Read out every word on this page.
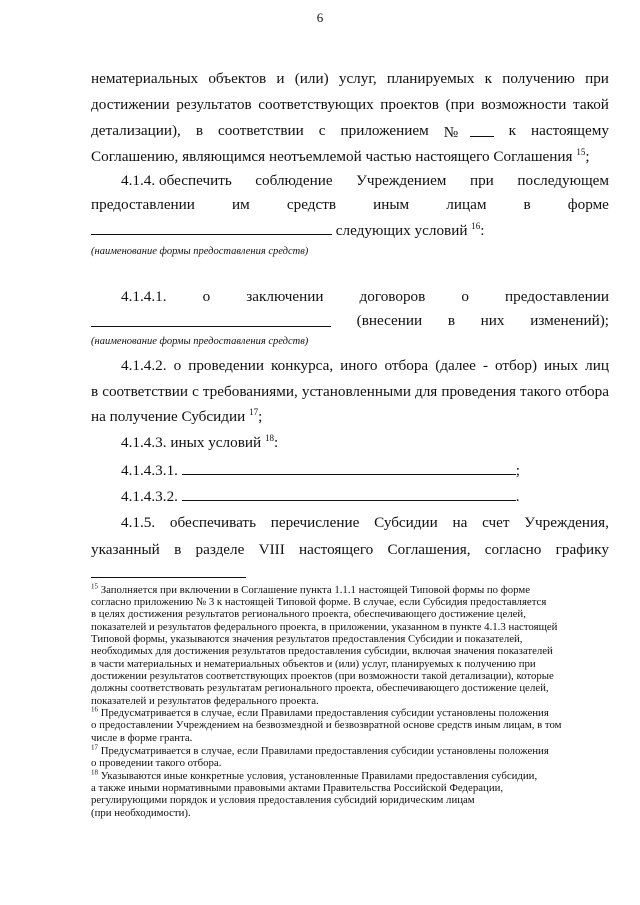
6
нематериальных объектов и (или) услуг, планируемых к получению при
достижении результатов соответствующих проектов (при возможности такой
детализации), в соответствии с приложением №	к настоящему
Соглашению, являющимся неотъемлемой частью настоящего Соглашения $^{15}$;
4.1.4. обеспечить соблюдение Учреждением при последующем
предоставлении им средств иным лицам в форме
следующих условий $^{16}$:
(наименование формы предоставления средств)
4.1.4.1. о заключении договоров о предоставлении
(внесении в них изменений);
(наименование формы предоставления средств)
4.1.4.2. о проведении конкурса, иного отбора (далее - отбор) иных лиц
в соответствии с требованиями, установленными для проведения такого отбора
на получение Субсидии $^{17}$;
4.1.4.3. иных условий $^{18}$:
4.1.4.3.1.	;
4.1.4.3.2.	.
4.1.5. обеспечивать перечисление Субсидии на счет Учреждения,
указанный в разделе VIII настоящего Соглашения, согласно графику
$^{15}$ Заполняется при включении в Соглашение пункта 1.1.1 настоящей Типовой формы по форме
согласно приложению № 3 к настоящей Типовой форме. В случае, если Субсидия предоставляется
в целях достижения результатов регионального проекта, обеспечивающего достижение целей,
показателей и результатов федерального проекта, в приложении, указанном в пункте 4.1.3 настоящей
Типовой формы, указываются значения результатов предоставления Субсидии и показателей,
необходимых для достижения результатов предоставления субсидии, включая значения показателей
в части материальных и нематериальных объектов и (или) услуг, планируемых к получению при
достижении результатов соответствующих проектов (при возможности такой детализации), которые
должны соответствовать результатам регионального проекта, обеспечивающего достижение целей,
показателей и результатов федерального проекта.
$^{16}$ Предусматривается в случае, если Правилами предоставления субсидии установлены положения
о предоставлении Учреждением на безвозмездной и безвозвратной основе средств иным лицам, в том
числе в форме гранта.
$^{17}$ Предусматривается в случае, если Правилами предоставления субсидии установлены положения
о проведении такого отбора.
$^{18}$ Указываются иные конкретные условия, установленные Правилами предоставления субсидии,
а также иными нормативными правовыми актами Правительства Российской Федерации,
регулирующими порядок и условия предоставления субсидий юридическим лицам
(при необходимости).
